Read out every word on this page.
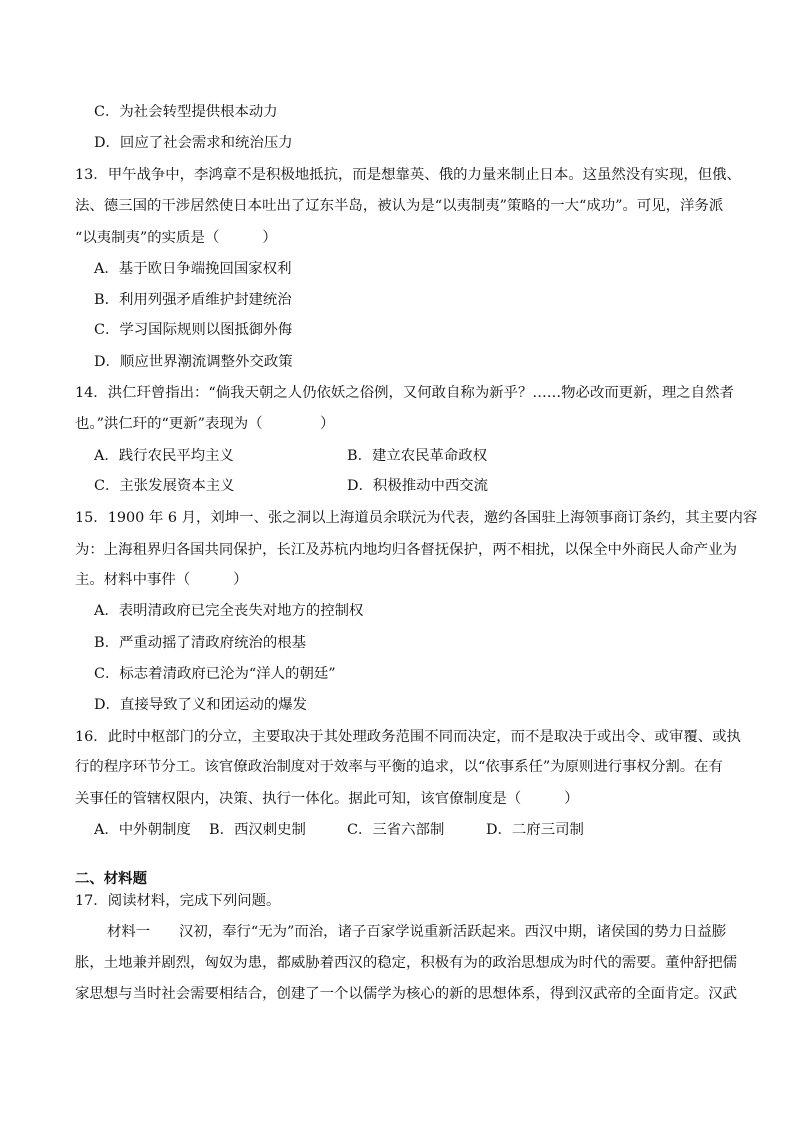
C．为社会转型提供根本动力
D．回应了社会需求和统治压力
13．甲午战争中，李鸿章不是积极地抵抗，而是想靠英、俄的力量来制止日本。这虽然没有实现，但俄、
法、德三国的干涉居然使日本吐出了辽东半岛，被认为是“以夷制夷”策略的一大“成功”。可见，洋务派
“以夷制夷”的实质是（　　　）
A．基于欧日争端挽回国家权利
B．利用列强矛盾维护封建统治
C．学习国际规则以图抵御外侮
D．顺应世界潮流调整外交政策
14．洪仁玕曾指出：“倘我天朝之人仍依妖之俗例，又何敢自称为新乎？……物必改而更新，理之自然者
也。”洪仁玕的“更新”表现为（　　　　）
A．践行农民平均主义	B．建立农民革命政权
C．主张发展资本主义	D．积极推动中西交流
15．1900 年 6 月，刘坤一、张之洞以上海道员余联沅为代表，邀约各国驻上海领事商订条约，其主要内容
为：上海租界归各国共同保护，长江及苏杭内地均归各督抚保护，两不相扰，以保全中外商民人命产业为
主。材料中事件（　　　）
A．表明清政府已完全丧失对地方的控制权
B．严重动摇了清政府统治的根基
C．标志着清政府已沦为“洋人的朝廷”
D．直接导致了义和团运动的爆发
16．此时中枢部门的分立，主要取决于其处理政务范围不同而决定，而不是取决于或出令、或审覆、或执
行的程序环节分工。该官僚政治制度对于效率与平衡的追求，以“依事系任”为原则进行事权分割。在有
关事任的管辖权限内，决策、执行一体化。据此可知，该官僚制度是（　　　）
A．中外朝制度 B．西汉刺史制	C．三省六部制	D．二府三司制
二、材料题
17．阅读材料，完成下列问题。
材料一　　汉初，奉行“无为”而治，诸子百家学说重新活跃起来。西汉中期，诸侯国的势力日益膨
胀，土地兼并剧烈，匈奴为患，都威胁着西汉的稳定，积极有为的政治思想成为时代的需要。董仲舒把儒
家思想与当时社会需要相结合，创建了一个以儒学为核心的新的思想体系，得到汉武帝的全面肯定。汉武
